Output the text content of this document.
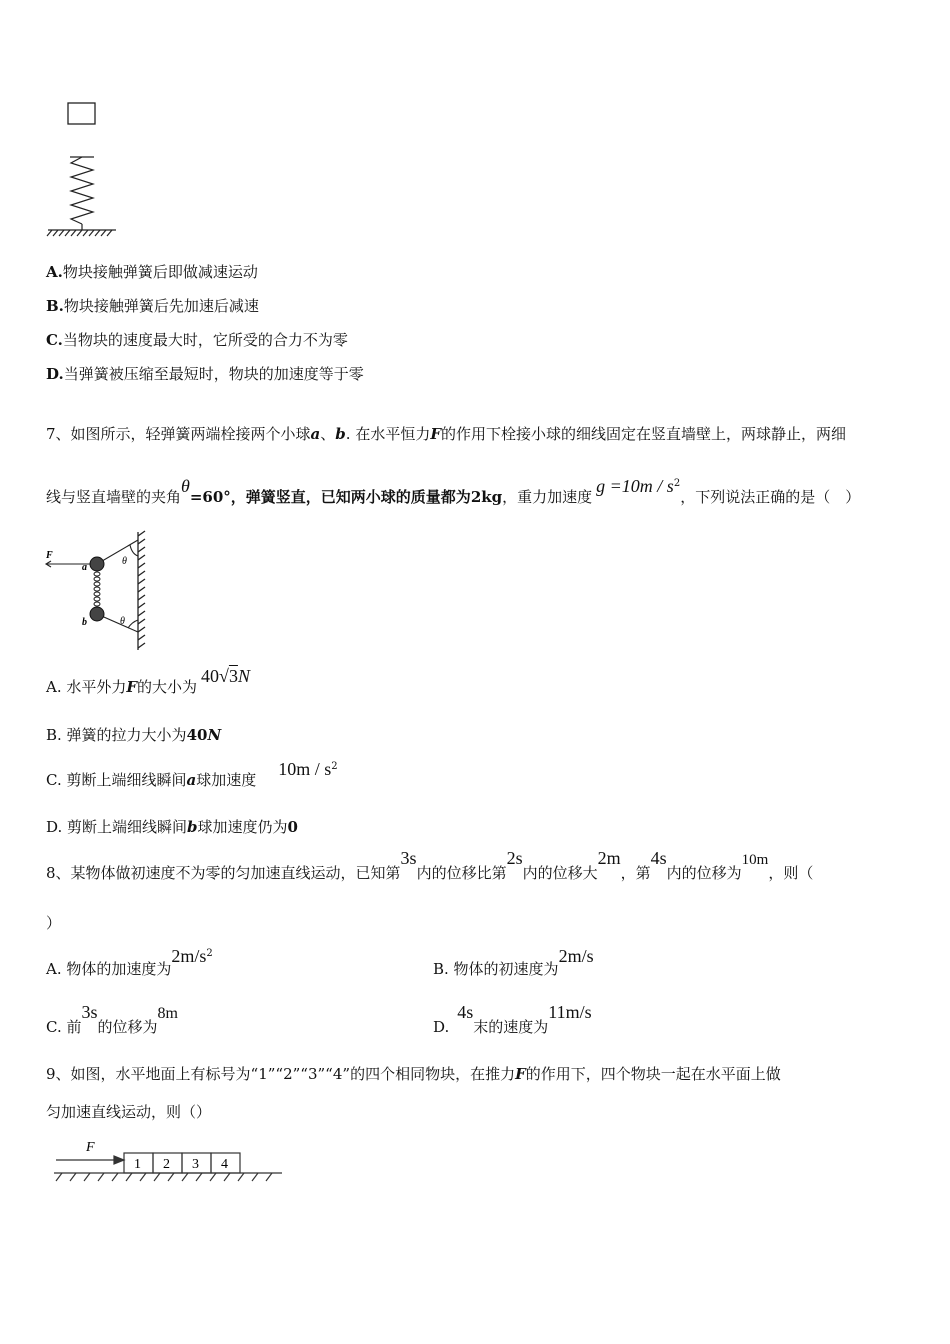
A.物块接触弹簧后即做减速运动
B.物块接触弹簧后先加速后减速
C.当物块的速度最大时，它所受的合力不为零
D.当弹簧被压缩至最短时，物块的加速度等于零
7、如图所示，轻弹簧两端栓接两个小球a、b. 在水平恒力F的作用下栓接小球的细线固定在竖直墙壁上，两球静止，两细
线与竖直墙壁的夹角θ=60°，弹簧竖直，已知两小球的质量都为2kg，重力加速度$g =10m / s^2$，下列说法正确的是（　）
F
a
b
θ
θ
A. 水平外力F的大小为40√3N
B. 弹簧的拉力大小为40N
C. 剪断上端细线瞬间a球加速度$10m / s^2$
D. 剪断上端细线瞬间b球加速度仍为0
8、某物体做初速度不为零的匀加速直线运动，已知第3s内的位移比第2s内的位移大2m，第4s内的位移为10m，则（
）
A. 物体的加速度为$2m/s^2$
B. 物体的初速度为2m/s
C. 前3s的位移为8m
D.4s末的速度为11m/s
9、如图，水平地面上有标号为“1”“2”“3”“4”的四个相同物块，在推力F的作用下，四个物块一起在水平面上做
匀加速直线运动，则（）
F
1 2 3 4
